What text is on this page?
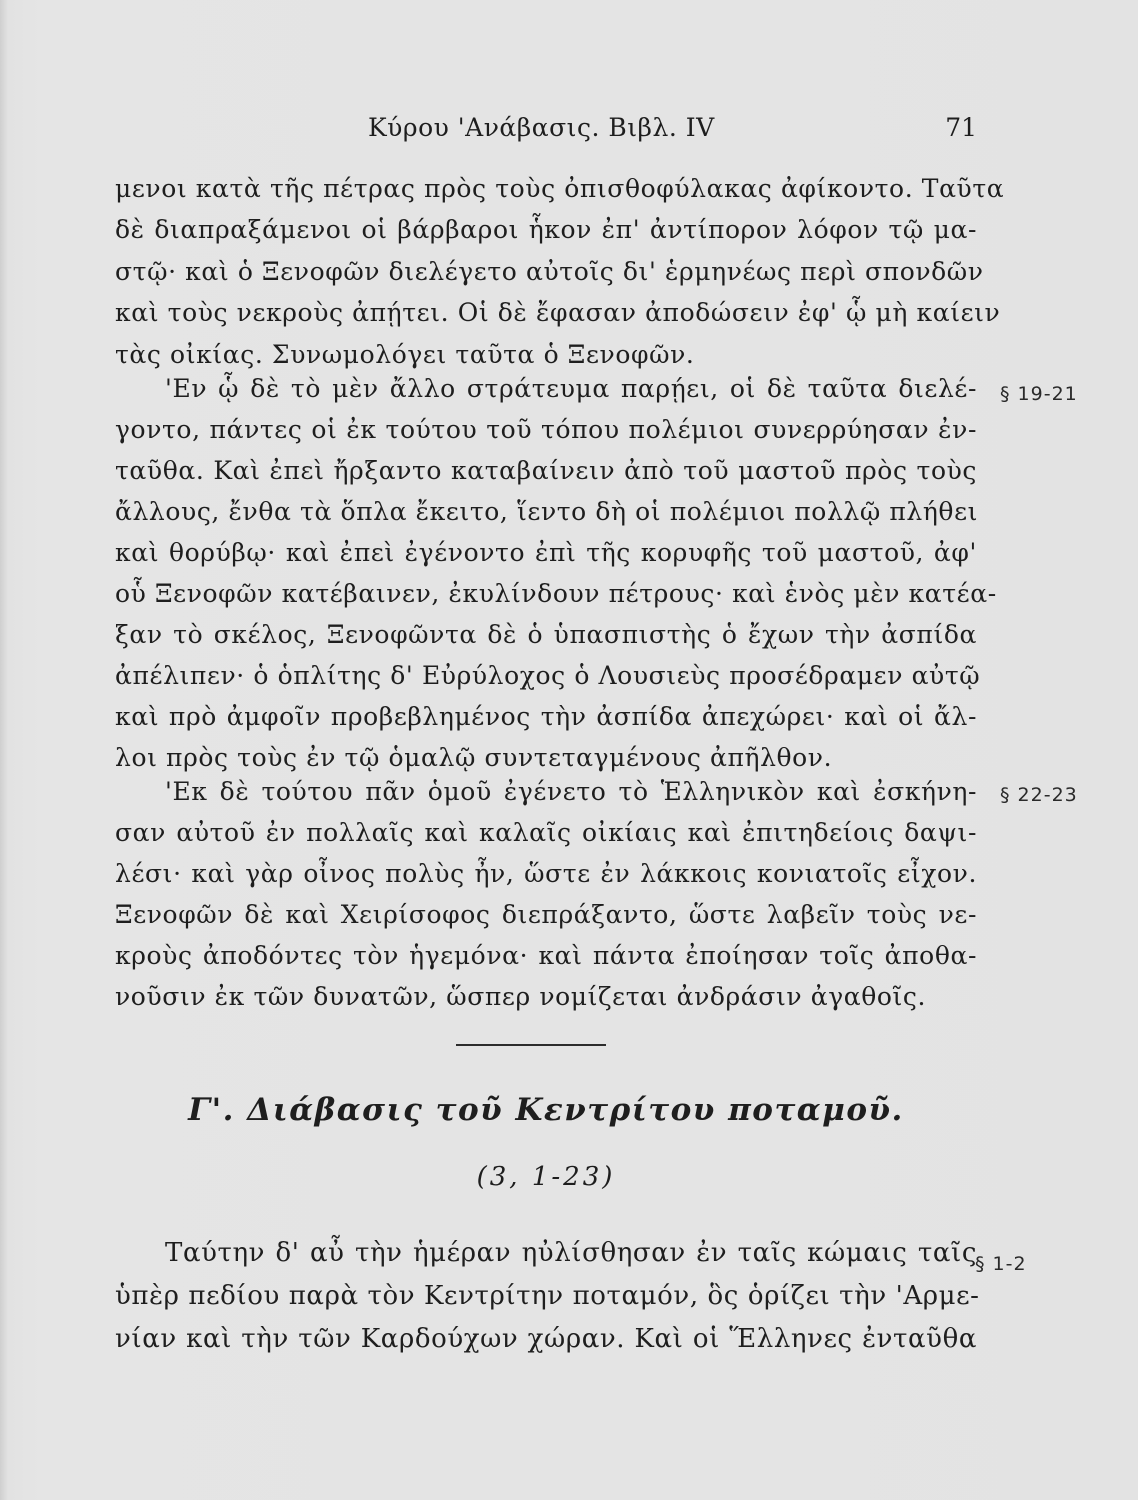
Κύρου 'Ανάβασις. Βιβλ. IV	71
μενοι κατὰ τῆς πέτρας πρὸς τοὺς ὀπισθοφύλακας ἀφίκοντο. Ταῦτα
δὲ διαπραξάμενοι οἱ βάρβαροι ἧκον ἐπ' ἀντίπορον λόφον τῷ μα-
στῷ· καὶ ὁ Ξενοφῶν διελέγετο αὐτοῖς δι' ἑρμηνέως περὶ σπονδῶν
καὶ τοὺς νεκροὺς ἀπῄτει. Οἱ δὲ ἔφασαν ἀποδώσειν ἐφ' ᾧ μὴ καίειν
τὰς οἰκίας. Συνωμολόγει ταῦτα ὁ Ξενοφῶν.
'Εν ᾧ δὲ τὸ μὲν ἄλλο στράτευμα παρῄει, οἱ δὲ ταῦτα διελέ-
γοντο, πάντες οἱ ἐκ τούτου τοῦ τόπου πολέμιοι συνερρύησαν ἐν-
ταῦθα. Καὶ ἐπεὶ ἤρξαντο καταβαίνειν ἀπὸ τοῦ μαστοῦ πρὸς τοὺς
ἄλλους, ἔνθα τὰ ὅπλα ἔκειτο, ἵεντο δὴ οἱ πολέμιοι πολλῷ πλήθει
καὶ θορύβῳ· καὶ ἐπεὶ ἐγένοντο ἐπὶ τῆς κορυφῆς τοῦ μαστοῦ, ἀφ'
οὗ Ξενοφῶν κατέβαινεν, ἐκυλίνδουν πέτρους· καὶ ἑνὸς μὲν κατέα-
ξαν τὸ σκέλος, Ξενοφῶντα δὲ ὁ ὑπασπιστὴς ὁ ἔχων τὴν ἀσπίδα
ἀπέλιπεν· ὁ ὁπλίτης δ' Εὐρύλοχος ὁ Λουσιεὺς προσέδραμεν αὐτῷ
καὶ πρὸ ἀμφοῖν προβεβλημένος τὴν ἀσπίδα ἀπεχώρει· καὶ οἱ ἄλ-
λοι πρὸς τοὺς ἐν τῷ ὁμαλῷ συντεταγμένους ἀπῆλθον.
'Εκ δὲ τούτου πᾶν ὁμοῦ ἐγένετο τὸ Ἑλληνικὸν καὶ ἐσκήνη-
σαν αὐτοῦ ἐν πολλαῖς καὶ καλαῖς οἰκίαις καὶ ἐπιτηδείοις δαψι-
λέσι· καὶ γὰρ οἶνος πολὺς ἦν, ὥστε ἐν λάκκοις κονιατοῖς εἶχον.
Ξενοφῶν δὲ καὶ Χειρίσοφος διεπράξαντο, ὥστε λαβεῖν τοὺς νε-
κροὺς ἀποδόντες τὸν ἡγεμόνα· καὶ πάντα ἐποίησαν τοῖς ἀποθα-
νοῦσιν ἐκ τῶν δυνατῶν, ὥσπερ νομίζεται ἀνδράσιν ἀγαθοῖς.
§ 19-21
§ 22-23
§ 1-2
Γ'. Διάβασις τοῦ Κεντρίτου ποταμοῦ.
(3, 1-23)
Ταύτην δ' αὖ τὴν ἡμέραν ηὐλίσθησαν ἐν ταῖς κώμαις ταῖς
ὑπὲρ πεδίου παρὰ τὸν Κεντρίτην ποταμόν, ὃς ὁρίζει τὴν 'Αρμε-
νίαν καὶ τὴν τῶν Καρδούχων χώραν. Καὶ οἱ Ἕλληνες ἐνταῦθα
